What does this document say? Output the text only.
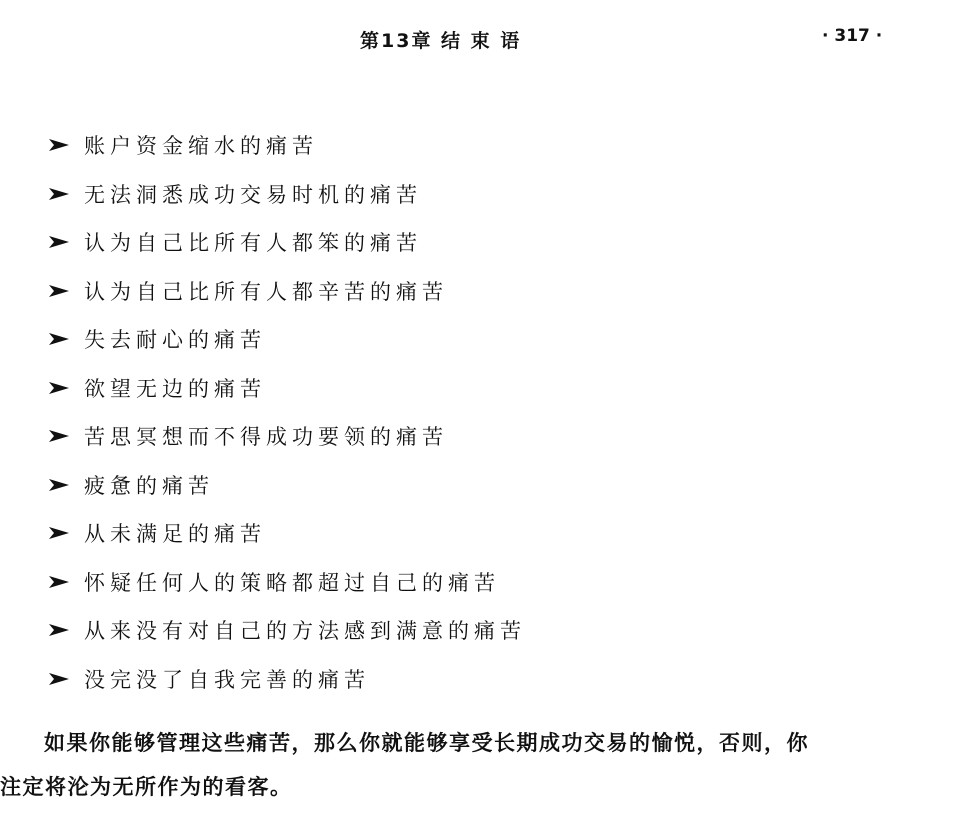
第13章 结 束 语	· 317 ·
账户资金缩水的痛苦
无法洞悉成功交易时机的痛苦
认为自己比所有人都笨的痛苦
认为自己比所有人都辛苦的痛苦
失去耐心的痛苦
欲望无边的痛苦
苦思冥想而不得成功要领的痛苦
疲惫的痛苦
从未满足的痛苦
怀疑任何人的策略都超过自己的痛苦
从来没有对自己的方法感到满意的痛苦
没完没了自我完善的痛苦
如果你能够管理这些痛苦，那么你就能够享受长期成功交易的愉悦，否则，你
注定将沦为无所作为的看客。
